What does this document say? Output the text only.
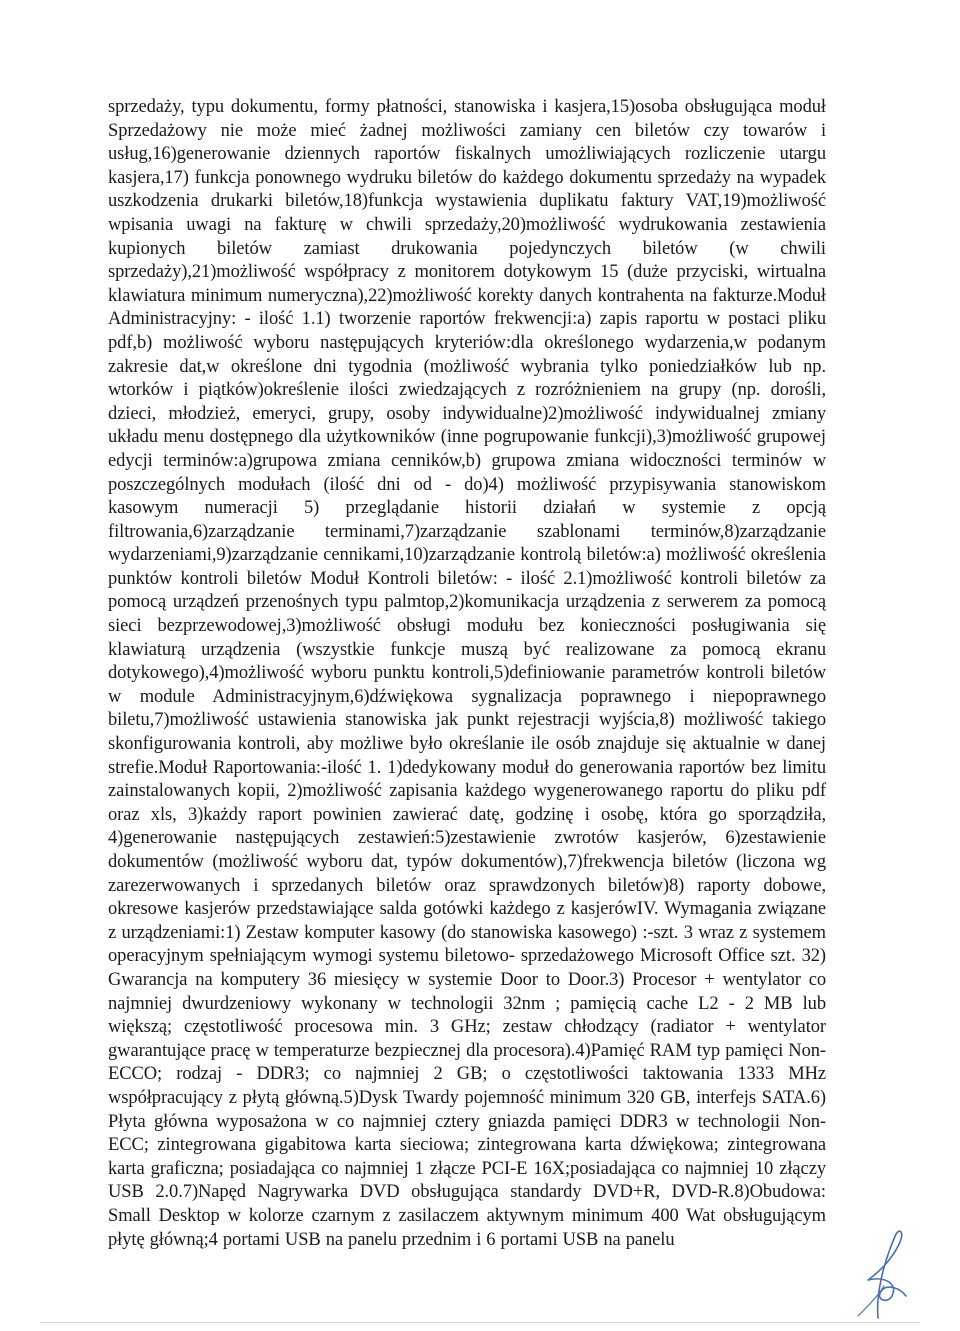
sprzedaży, typu dokumentu, formy płatności, stanowiska i kasjera,15)osoba obsługująca moduł Sprzedażowy nie może mieć żadnej możliwości zamiany cen biletów czy towarów i usług,16)generowanie dziennych raportów fiskalnych umożliwiających rozliczenie utargu kasjera,17) funkcja ponownego wydruku biletów do każdego dokumentu sprzedaży na wypadek uszkodzenia drukarki biletów,18)funkcja wystawienia duplikatu faktury VAT,19)możliwość wpisania uwagi na fakturę w chwili sprzedaży,20)możliwość wydrukowania zestawienia kupionych biletów zamiast drukowania pojedynczych biletów (w chwili sprzedaży),21)możliwość współpracy z monitorem dotykowym 15 (duże przyciski, wirtualna klawiatura minimum numeryczna),22)możliwość korekty danych kontrahenta na fakturze.Moduł Administracyjny: - ilość 1.1) tworzenie raportów frekwencji:a) zapis raportu w postaci pliku pdf,b) możliwość wyboru następujących kryteriów:dla określonego wydarzenia,w podanym zakresie dat,w określone dni tygodnia (możliwość wybrania tylko poniedziałków lub np. wtorków i piątków)określenie ilości zwiedzających z rozróżnieniem na grupy (np. dorośli, dzieci, młodzież, emeryci, grupy, osoby indywidualne)2)możliwość indywidualnej zmiany układu menu dostępnego dla użytkowników (inne pogrupowanie funkcji),3)możliwość grupowej edycji terminów:a)grupowa zmiana cenników,b) grupowa zmiana widoczności terminów w poszczególnych modułach (ilość dni od - do)4) możliwość przypisywania stanowiskom kasowym numeracji 5) przeglądanie historii działań w systemie z opcją filtrowania,6)zarządzanie terminami,7)zarządzanie szablonami terminów,8)zarządzanie wydarzeniami,9)zarządzanie cennikami,10)zarządzanie kontrolą biletów:a) możliwość określenia punktów kontroli biletów Moduł Kontroli biletów: - ilość 2.1)możliwość kontroli biletów za pomocą urządzeń przenośnych typu palmtop,2)komunikacja urządzenia z serwerem za pomocą sieci bezprzewodowej,3)możliwość obsługi modułu bez konieczności posługiwania się klawiaturą urządzenia (wszystkie funkcje muszą być realizowane za pomocą ekranu dotykowego),4)możliwość wyboru punktu kontroli,5)definiowanie parametrów kontroli biletów w module Administracyjnym,6)dźwiękowa sygnalizacja poprawnego i niepoprawnego biletu,7)możliwość ustawienia stanowiska jak punkt rejestracji wyjścia,8) możliwość takiego skonfigurowania kontroli, aby możliwe było określanie ile osób znajduje się aktualnie w danej strefie.Moduł Raportowania:-ilość 1. 1)dedykowany moduł do generowania raportów bez limitu zainstalowanych kopii, 2)możliwość zapisania każdego wygenerowanego raportu do pliku pdf oraz xls, 3)każdy raport powinien zawierać datę, godzinę i osobę, która go sporządziła, 4)generowanie następujących zestawień:5)zestawienie zwrotów kasjerów, 6)zestawienie dokumentów (możliwość wyboru dat, typów dokumentów),7)frekwencja biletów (liczona wg zarezerwowanych i sprzedanych biletów oraz sprawdzonych biletów)8) raporty dobowe, okresowe kasjerów przedstawiające salda gotówki każdego z kasjerówIV. Wymagania związane z urządzeniami:1) Zestaw komputer kasowy (do stanowiska kasowego) :-szt. 3 wraz z systemem operacyjnym spełniającym wymogi systemu biletowo- sprzedażowego Microsoft Office szt. 32) Gwarancja na komputery 36 miesięcy w systemie Door to Door.3) Procesor + wentylator co najmniej dwurdzeniowy wykonany w technologii 32nm ; pamięcią cache L2 - 2 MB lub większą; częstotliwość procesowa min. 3 GHz; zestaw chłodzący (radiator + wentylator gwarantujące pracę w temperaturze bezpiecznej dla procesora).4)Pamięć RAM typ pamięci Non-ECCO; rodzaj - DDR3; co najmniej 2 GB; o częstotliwości taktowania 1333 MHz współpracujący z płytą główną.5)Dysk Twardy pojemność minimum 320 GB, interfejs SATA.6) Płyta główna wyposażona w co najmniej cztery gniazda pamięci DDR3 w technologii Non-ECC; zintegrowana gigabitowa karta sieciowa; zintegrowana karta dźwiękowa; zintegrowana karta graficzna; posiadająca co najmniej 1 złącze PCI-E 16X;posiadająca co najmniej 10 złączy USB 2.0.7)Napęd Nagrywarka DVD obsługująca standardy DVD+R, DVD-R.8)Obudowa: Small Desktop w kolorze czarnym z zasilaczem aktywnym minimum 400 Wat obsługującym płytę główną;4 portami USB na panelu przednim i 6 portami USB na panelu
